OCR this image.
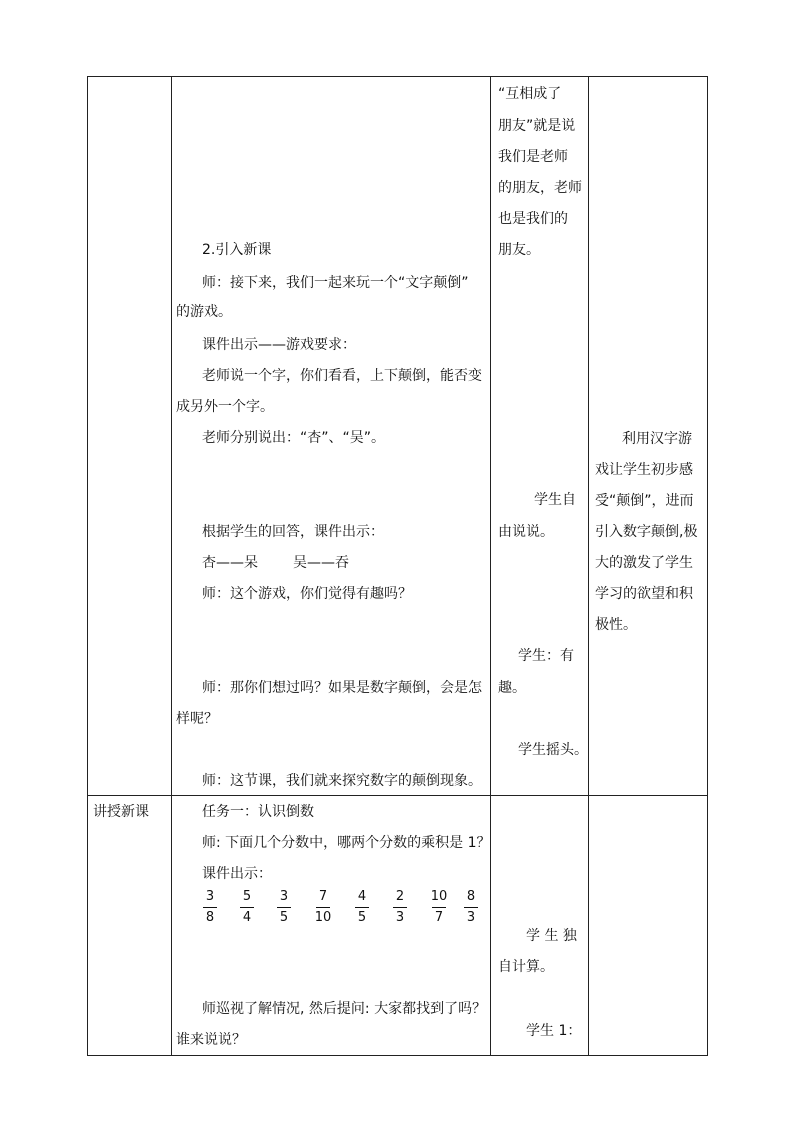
2.引入新课
师：接下来，我们一起来玩一个“文字颠倒”
的游戏。
课件出示——游戏要求：
老师说一个字，你们看看，上下颠倒，能否变
成另外一个字。
老师分别说出：“杏”、“吴”。
根据学生的回答，课件出示：
杏——呆	吴——吞
师：这个游戏，你们觉得有趣吗？
师：那你们想过吗？如果是数字颠倒，会是怎
样呢？
师：这节课，我们就来探究数字的颠倒现象。
“互相成了
朋友”就是说
我们是老师
的朋友，老师
也是我们的
朋友。
学生自
由说说。
学生：有
趣。
学生摇头。
利用汉字游
戏让学生初步感
受“颠倒”，进而
引入数字颠倒,极
大的激发了学生
学习的欲望和积
极性。
讲授新课	任务一：认识倒数
师: 下面几个分数中，哪两个分数的乘积是 1？
课件出示：
3
8
5
4
3
5
7
10
4
5
2
3
10
7
8
3
师巡视了解情况, 然后提问: 大家都找到了吗？
谁来说说？
学 生 独
自计算。
学生 1：
